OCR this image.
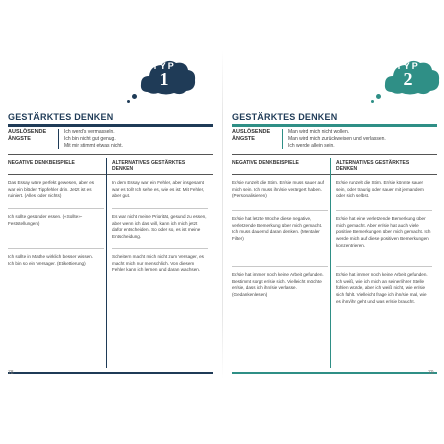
TYP
1
GESTÄRKTES DENKEN
AUSLÖSENDE ÄNGSTE
Ich werd's vermasseln.
Ich bin nicht gut genug.
Mit mir stimmt etwas nicht.
NEGATIVE DENKBEISPIELE	ALTERNATIVES GESTÄRKTES DENKEN
Das Essay wäre perfekt gewesen, aber es war ein blöder Tippfehler drin. Jetzt ist es ruiniert. (Alles oder nichts)
In dem Essay war ein Fehler, aber insgesamt war es toll! Ich sehe es, wie es ist: Mit Fehler, aber gut.
Ich sollte gesünder essen. («Sollte»-Feststellungen)
Es war nicht meine Priorität, gesund zu essen, aber wenn ich das will, kann ich mich jetzt dafür entscheiden. So oder so, es ist meine Entscheidung.
Ich sollte in Mathe wirklich besser wissen. Ich bin so ein Versager. (Etikettierung)
Scheitern macht mich nicht zum Versager, es macht mich nur menschlich. Von diesem Fehler kann ich lernen und daran wachsen.
78
TYP
2
GESTÄRKTES DENKEN
AUSLÖSENDE ÄNGSTE
Man wird mich nicht wollen.
Man wird mich zurückweisen und verlassen.
Ich werde allein sein.
NEGATIVE DENKBEISPIELE	ALTERNATIVES GESTÄRKTES DENKEN
Er/sie runzelt die Stirn. Er/sie muss sauer auf mich sein. Ich muss ihn/sie verärgert haben. (Personalisieren)
Er/sie runzelt die Stirn. Er/sie könnte sauer sein, oder traurig oder sauer mit jemandem oder sich selbst.
Er/sie hat letzte Woche diese negative, verletzende Bemerkung über mich gemacht. Ich muss dauernd daran denken. (Mentaler Filter)
Er/sie hat eine verletzende Bemerkung über mich gemacht. Aber er/sie hat auch viele positive Bemerkungen über mich gemacht. Ich werde mich auf diese positiven Bemerkungen konzentrieren.
Er/sie hat immer noch keine Arbeit gefunden. Bestimmt sorgt er/sie sich. Vielleicht möchte er/sie, dass ich ihn/sie verlasse. (Gedankenlesen)
Er/sie hat immer noch keine Arbeit gefunden. Ich weiß, wie ich mich an seiner/ihrer Stelle fühlen würde, aber ich weiß nicht, wie er/sie sich fühlt. Vielleicht frage ich ihn/sie mal, wie es ihm/ihr geht und was er/sie braucht.
79
